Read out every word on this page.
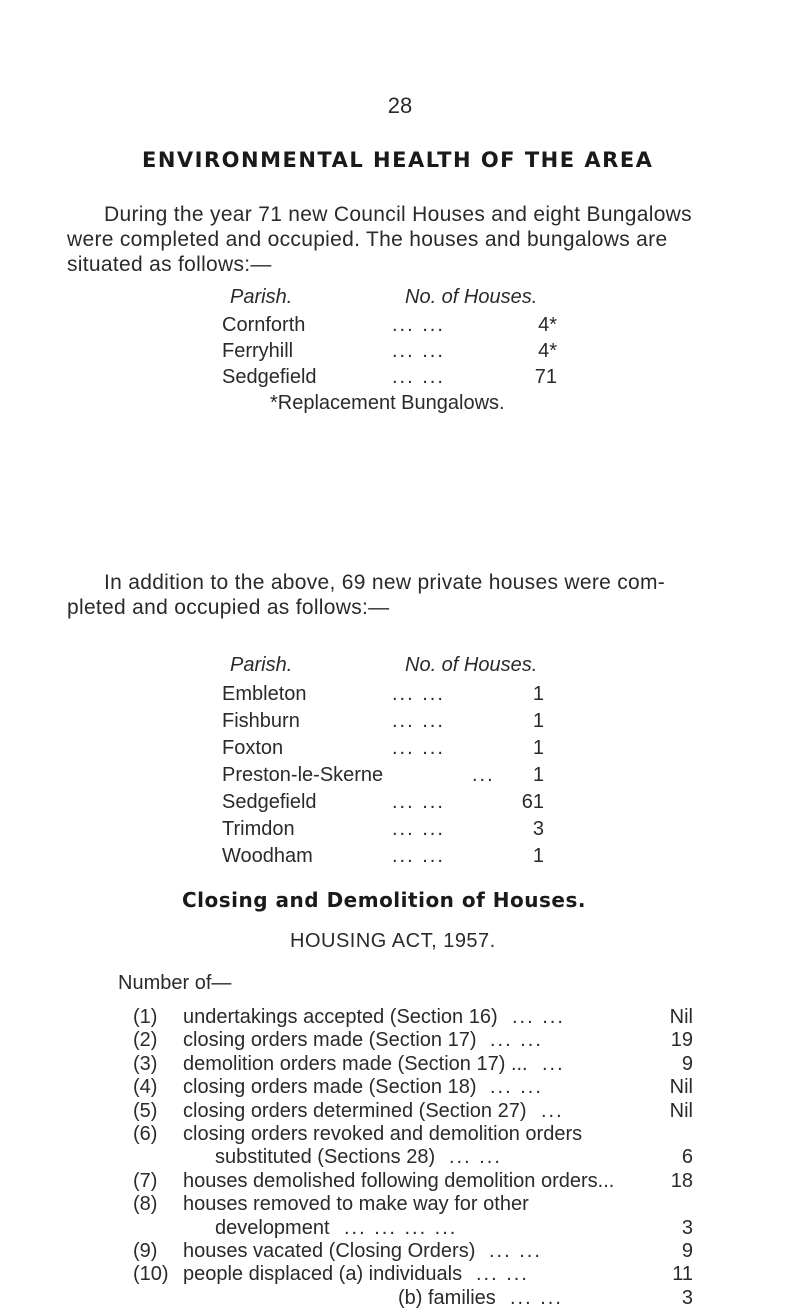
28
ENVIRONMENTAL HEALTH OF THE AREA
During the year 71 new Council Houses and eight Bungalows
were completed and occupied. The houses and bungalows are
situated as follows:—
Parish.	No. of Houses.
Cornforth	... ...	4*
Ferryhill	... ...	4*
Sedgefield	... ...	71
*Replacement Bungalows.
In addition to the above, 69 new private houses were com-
pleted and occupied as follows:—
Parish.	No. of Houses.
Embleton	... ...	1
Fishburn	... ...	1
Foxton	... ...	1
Preston-le-Skerne	... 1
Sedgefield	... ...	61
Trimdon	... ...	3
Woodham	... ...	1
Closing and Demolition of Houses.
HOUSING ACT, 1957.
Number of—
(1) undertakings accepted (Section 16) ... ...	Nil
(2) closing orders made (Section 17) ... ...	19
(3) demolition orders made (Section 17) ... ...	9
(4) closing orders made (Section 18) ... ...	Nil
(5) closing orders determined (Section 27) ...	Nil
(6) closing orders revoked and demolition orders
substituted (Sections 28) ... ...	6
(7) houses demolished following demolition orders...	18
(8) houses removed to make way for other
development ... ... ... ...	3
(9) houses vacated (Closing Orders) ... ...	9
(10) people displaced (a) individuals ... ...	11
(b) families ... ...	3
